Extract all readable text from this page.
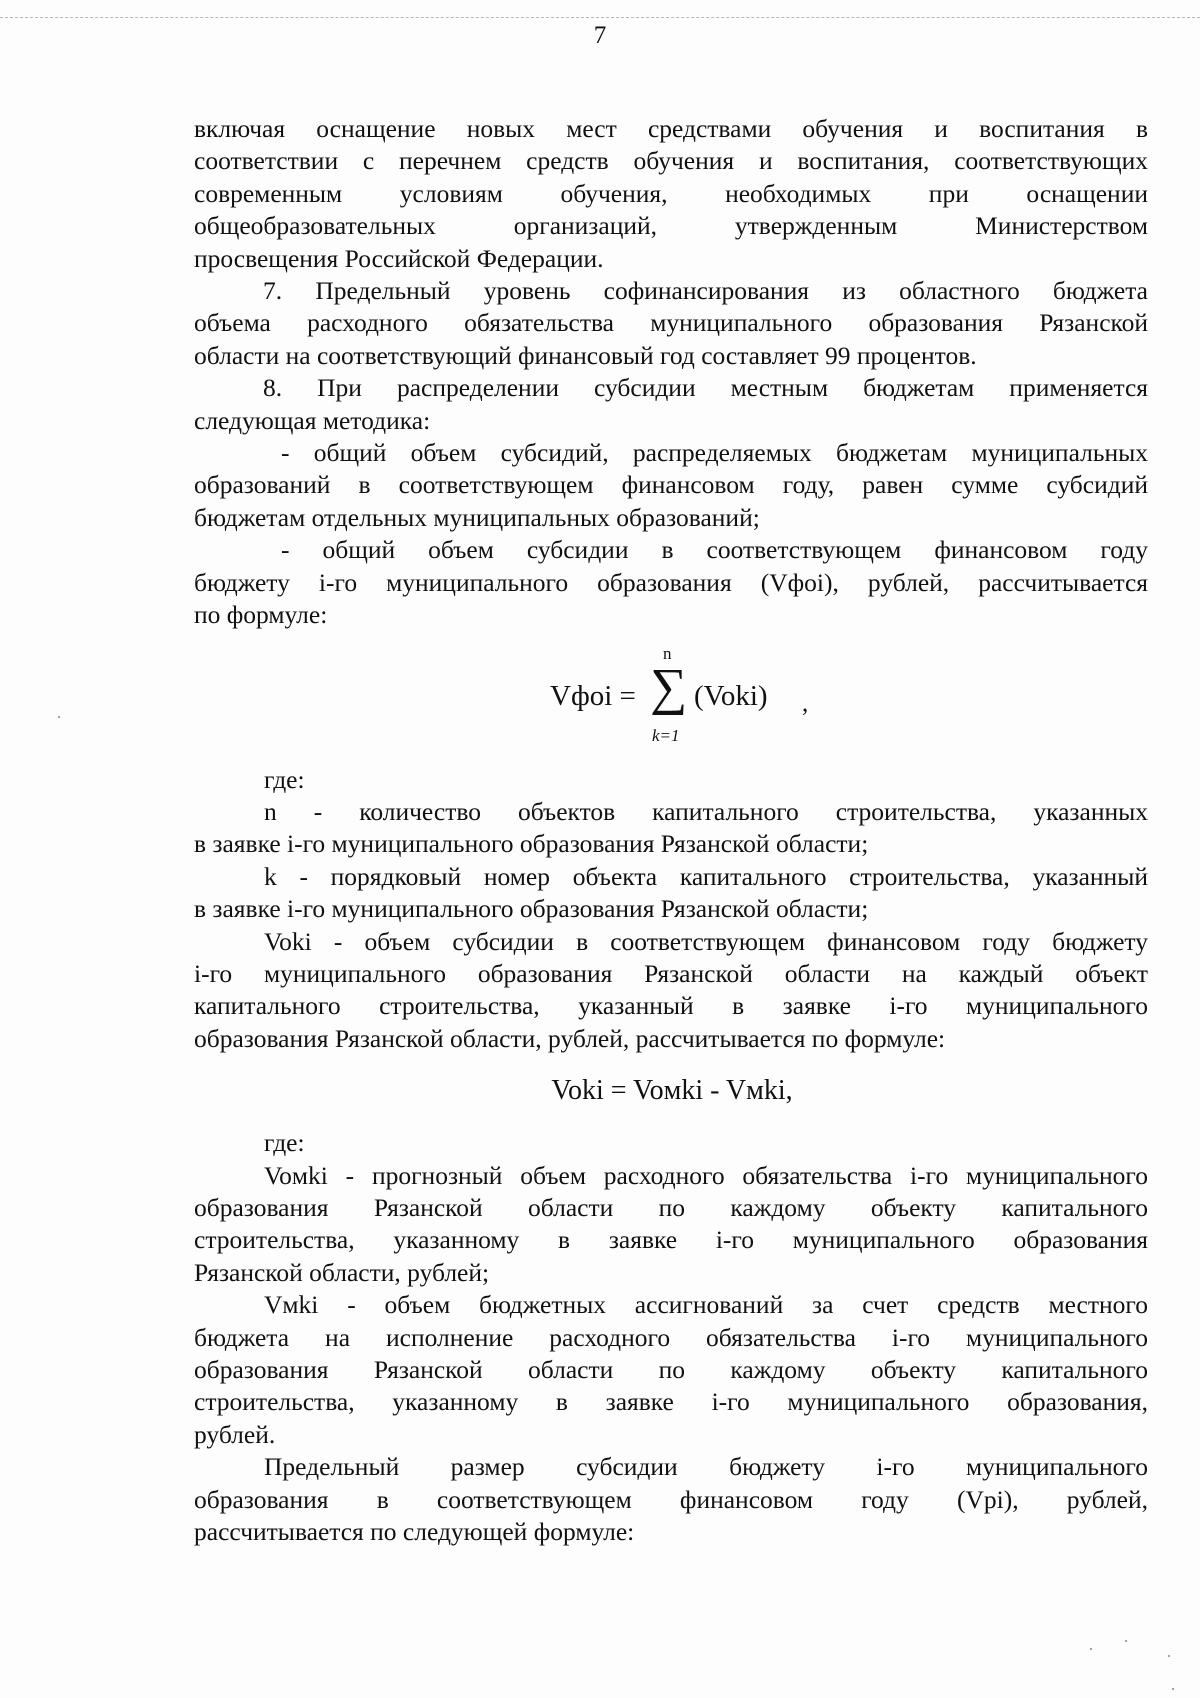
7

включая оснащение новых мест средствами обучения и воспитания в

соответствии с перечнем средств обучения и воспитания, соответствующих

современным условиям обучения, необходимых при оснащении

общеобразовательных организаций, утвержденным Министерством

просвещения Российской Федерации.

7. Предельный уровень софинансирования из областного бюджета

объема расходного обязательства муниципального образования Рязанской

области на соответствующий финансовый год составляет 99 процентов.

8. При распределении субсидии местным бюджетам применяется

следующая методика:

- общий объем субсидий, распределяемых бюджетам муниципальных

образований в соответствующем финансовом году, равен сумме субсидий

бюджетам отдельных муниципальных образований;

- общий объем субсидии в соответствующем финансовом году

бюджету i-го муниципального образования (Vфoi), рублей, рассчитывается

по формуле:

Vфoi =
n
∑
k=1
(Voki) ,

где:

n - количество объектов капитального строительства, указанных

в заявке i-го муниципального образования Рязанской области;

k - порядковый номер объекта капитального строительства, указанный

в заявке i-го муниципального образования Рязанской области;

Voki - объем субсидии в соответствующем финансовом году бюджету

i-го муниципального образования Рязанской области на каждый объект

капитального строительства, указанный в заявке i-го муниципального

образования Рязанской области, рублей, рассчитывается по формуле:

Voki = Voмki - Vмki,

где:

Voмki - прогнозный объем расходного обязательства i-го муниципального

образования Рязанской области по каждому объекту капитального

строительства, указанному в заявке i-го муниципального образования

Рязанской области, рублей;

Vмki - объем бюджетных ассигнований за счет средств местного

бюджета на исполнение расходного обязательства i-го муниципального

образования Рязанской области по каждому объекту капитального

строительства, указанному в заявке i-го муниципального образования,

рублей.

Предельный размер субсидии бюджету i-го муниципального

образования в соответствующем финансовом году (Vpi), рублей,

рассчитывается по следующей формуле:
